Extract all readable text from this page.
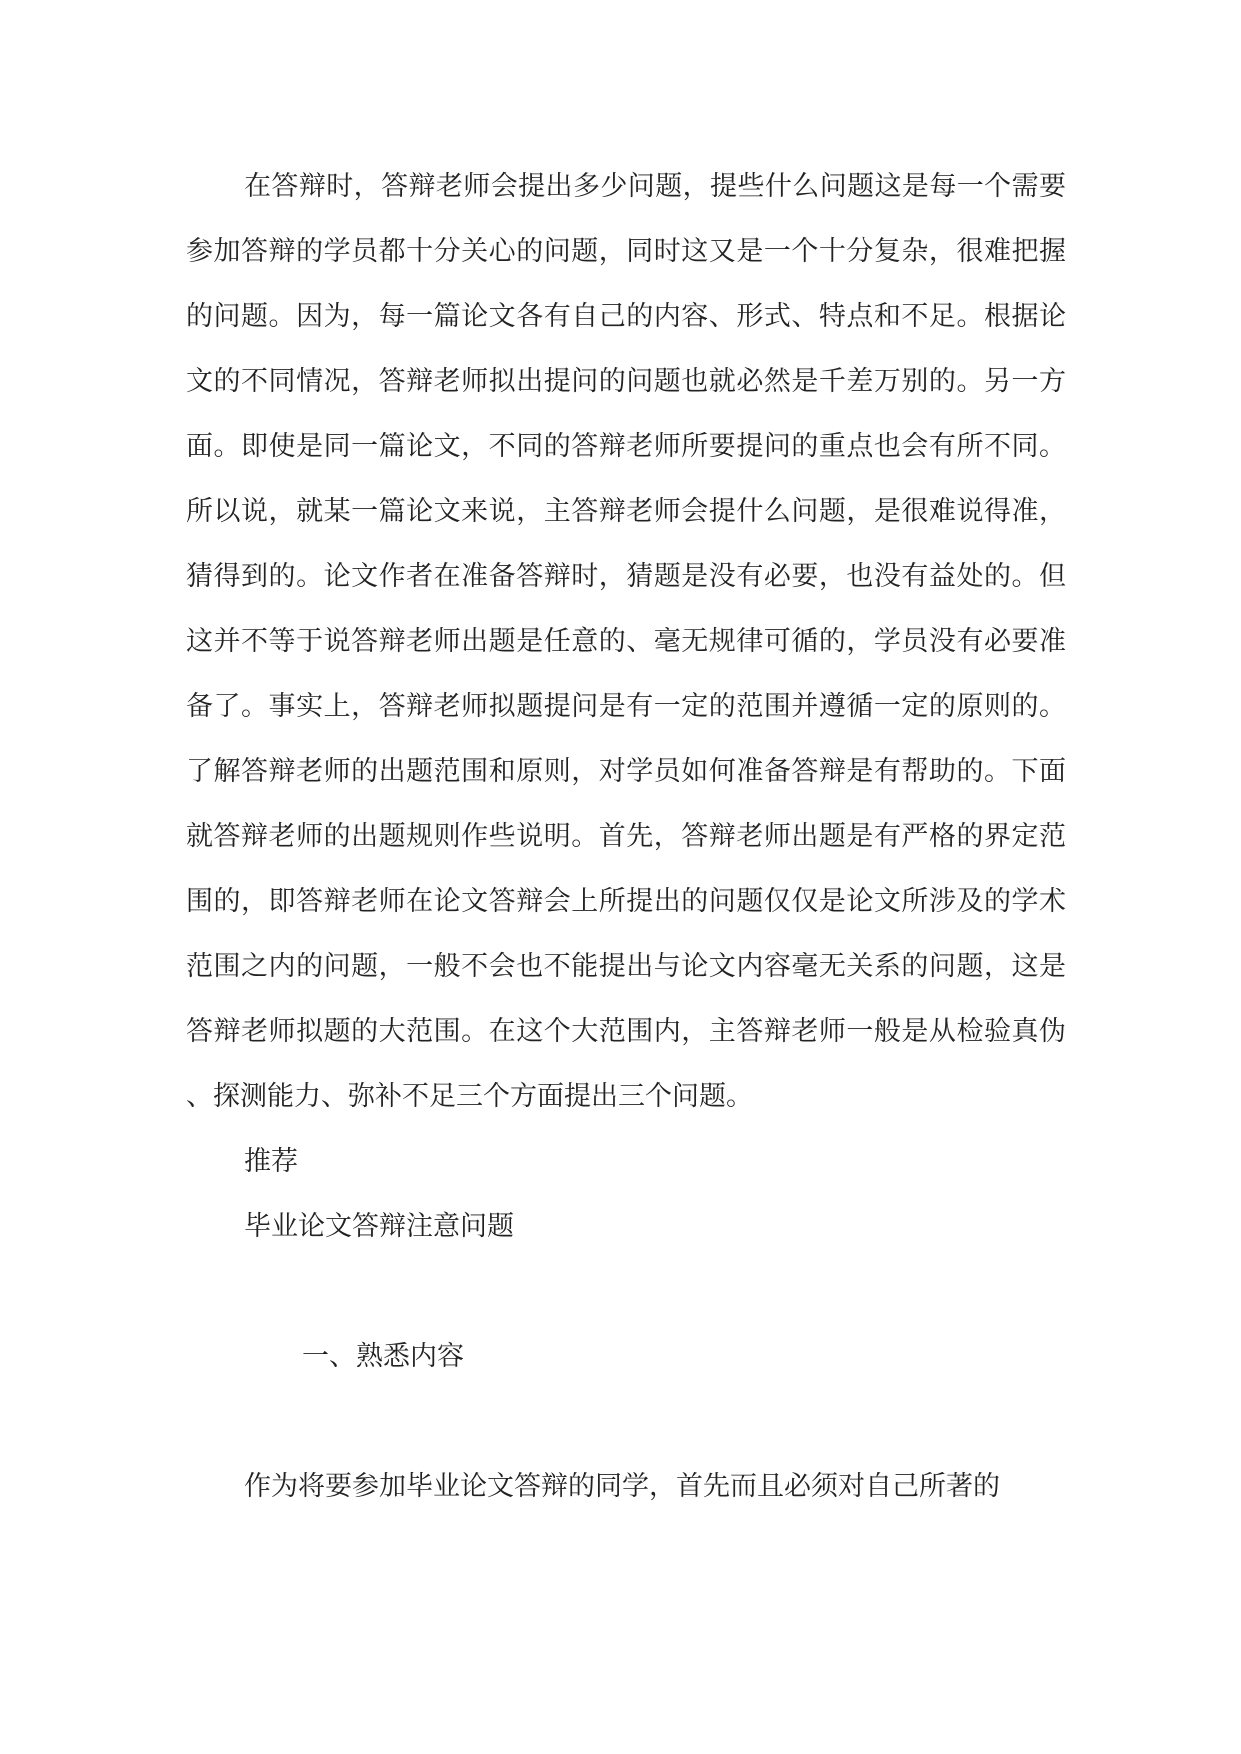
在答辩时，答辩老师会提出多少问题，提些什么问题这是每一个需要参加答辩的学员都十分关心的问题，同时这又是一个十分复杂，很难把握的问题。因为，每一篇论文各有自己的内容、形式、特点和不足。根据论文的不同情况，答辩老师拟出提问的问题也就必然是千差万别的。另一方面。即使是同一篇论文，不同的答辩老师所要提问的重点也会有所不同。所以说，就某一篇论文来说，主答辩老师会提什么问题，是很难说得准，猜得到的。论文作者在准备答辩时，猜题是没有必要，也没有益处的。但这并不等于说答辩老师出题是任意的、毫无规律可循的，学员没有必要准备了。事实上，答辩老师拟题提问是有一定的范围并遵循一定的原则的。了解答辩老师的出题范围和原则，对学员如何准备答辩是有帮助的。下面就答辩老师的出题规则作些说明。首先，答辩老师出题是有严格的界定范围的，即答辩老师在论文答辩会上所提出的问题仅仅是论文所涉及的学术范围之内的问题，一般不会也不能提出与论文内容毫无关系的问题，这是答辩老师拟题的大范围。在这个大范围内，主答辩老师一般是从检验真伪、探测能力、弥补不足三个方面提出三个问题。

推荐

毕业论文答辩注意问题

一、熟悉内容

作为将要参加毕业论文答辩的同学，首先而且必须对自己所著的
